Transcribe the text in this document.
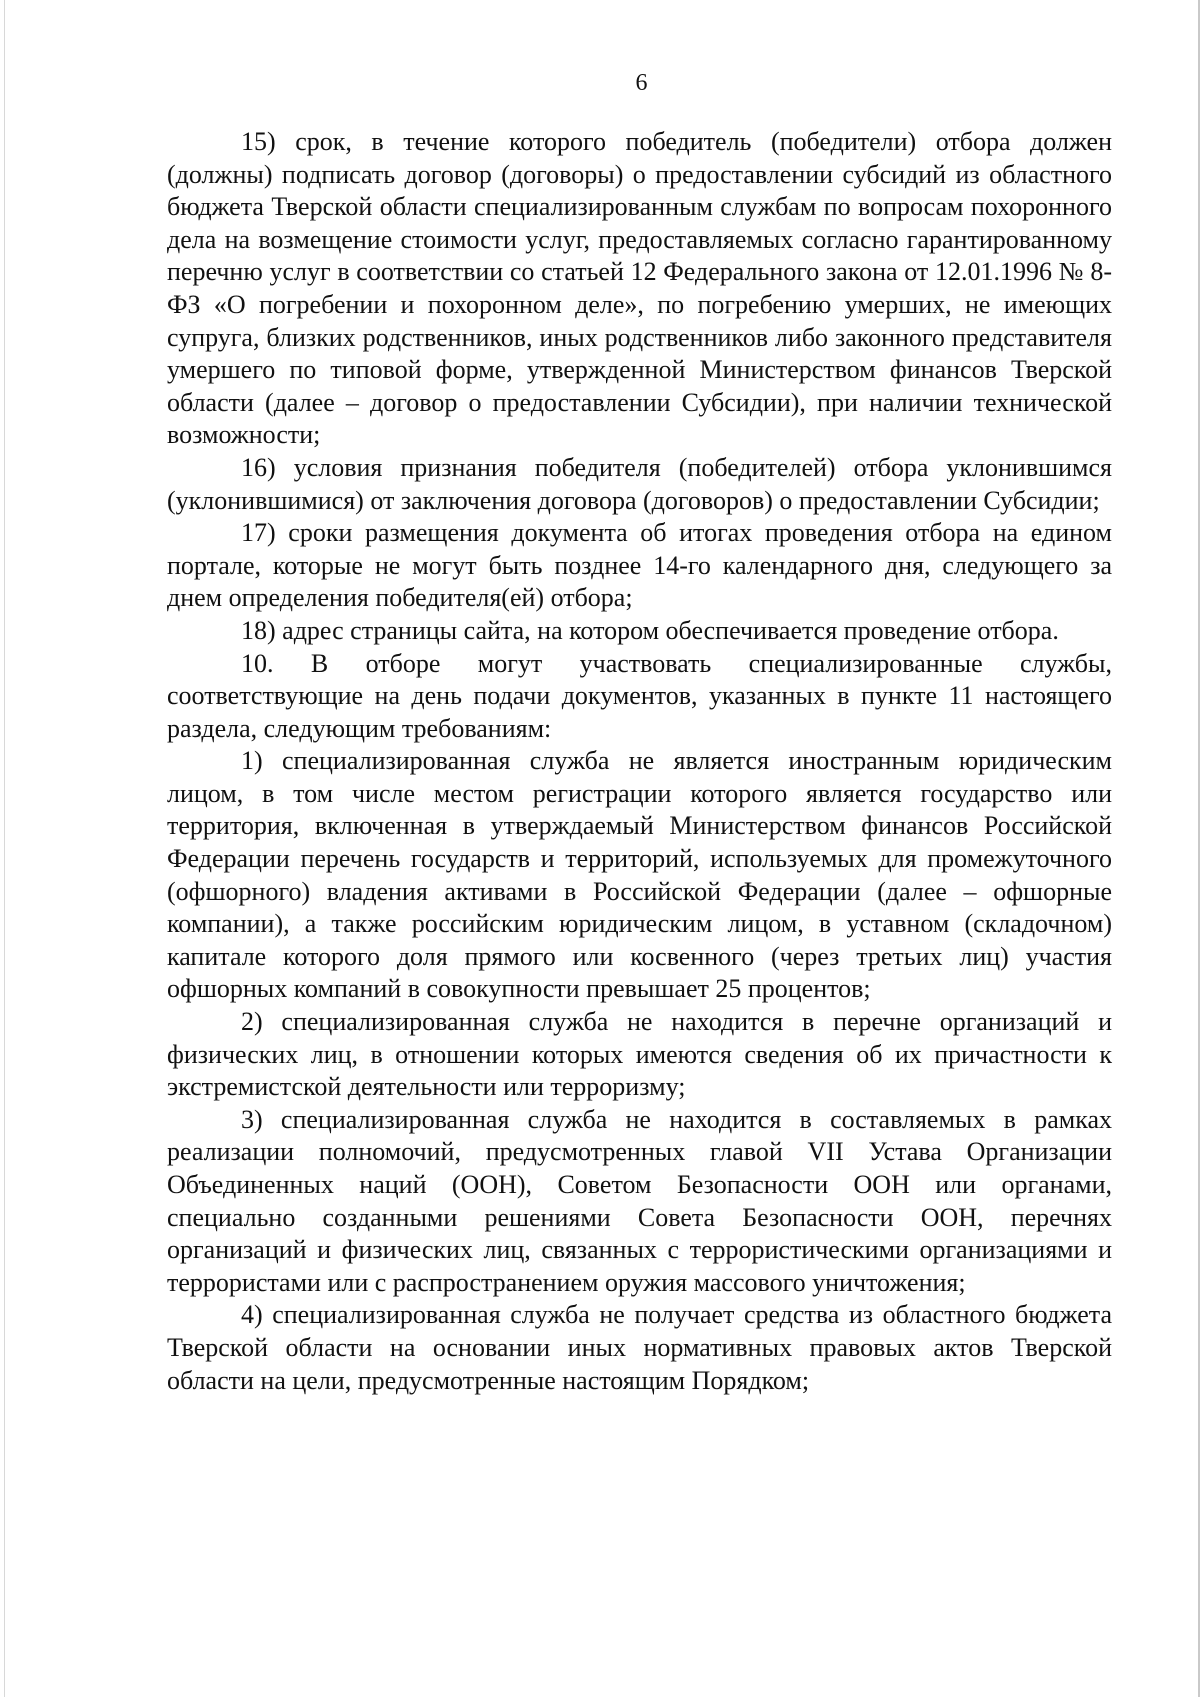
6

15) срок, в течение которого победитель (победители) отбора должен (должны) подписать договор (договоры) о предоставлении субсидий из областного бюджета Тверской области специализированным службам по вопросам похоронного дела на возмещение стоимости услуг, предоставляемых согласно гарантированному перечню услуг в соответствии со статьей 12 Федерального закона от 12.01.1996 № 8-ФЗ «О погребении и похоронном деле», по погребению умерших, не имеющих супруга, близких родственников, иных родственников либо законного представителя умершего по типовой форме, утвержденной Министерством финансов Тверской области (далее – договор о предоставлении Субсидии), при наличии технической возможности;

16) условия признания победителя (победителей) отбора уклонившимся (уклонившимися) от заключения договора (договоров) о предоставлении Субсидии;

17) сроки размещения документа об итогах проведения отбора на едином портале, которые не могут быть позднее 14-го календарного дня, следующего за днем определения победителя(ей) отбора;

18) адрес страницы сайта, на котором обеспечивается проведение отбора.

10. В отборе могут участвовать специализированные службы, соответствующие на день подачи документов, указанных в пункте 11 настоящего раздела, следующим требованиям:

1) специализированная служба не является иностранным юридическим лицом, в том числе местом регистрации которого является государство или территория, включенная в утверждаемый Министерством финансов Российской Федерации перечень государств и территорий, используемых для промежуточного (офшорного) владения активами в Российской Федерации (далее – офшорные компании), а также российским юридическим лицом, в уставном (складочном) капитале которого доля прямого или косвенного (через третьих лиц) участия офшорных компаний в совокупности превышает 25 процентов;

2) специализированная служба не находится в перечне организаций и физических лиц, в отношении которых имеются сведения об их причастности к экстремистской деятельности или терроризму;

3) специализированная служба не находится в составляемых в рамках реализации полномочий, предусмотренных главой VII Устава Организации Объединенных наций (ООН), Советом Безопасности ООН или органами, специально созданными решениями Совета Безопасности ООН, перечнях организаций и физических лиц, связанных с террористическими организациями и террористами или с распространением оружия массового уничтожения;

4) специализированная служба не получает средства из областного бюджета Тверской области на основании иных нормативных правовых актов Тверской области на цели, предусмотренные настоящим Порядком;
